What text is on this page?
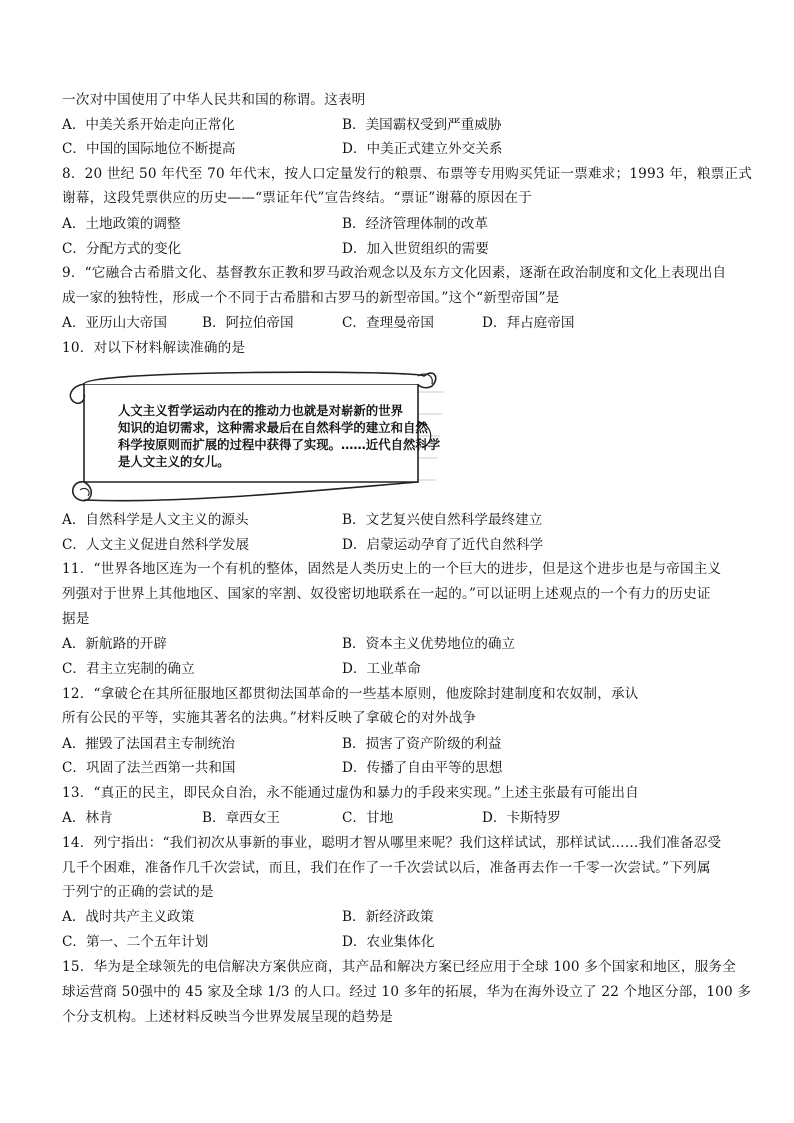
一次对中国使用了中华人民共和国的称谓。这表明
A．中美关系开始走向正常化	B．美国霸权受到严重威胁
C．中国的国际地位不断提高	D．中美正式建立外交关系
8．20 世纪 50 年代至 70 年代末，按人口定量发行的粮票、布票等专用购买凭证一票难求；1993 年，粮票正式
谢幕，这段凭票供应的历史——“票证年代”宣告终结。“票证”谢幕的原因在于
A．土地政策的调整	B．经济管理体制的改革
C．分配方式的变化	D．加入世贸组织的需要
9．“它融合古希腊文化、基督教东正教和罗马政治观念以及东方文化因素，逐渐在政治制度和文化上表现出自
成一家的独特性，形成一个不同于古希腊和古罗马的新型帝国。”这个“新型帝国”是
A．亚历山大帝国	B．阿拉伯帝国	C．查理曼帝国	D．拜占庭帝国
10．对以下材料解读准确的是
人文主义哲学运动内在的推动力也就是对崭新的世界
知识的迫切需求，这种需求最后在自然科学的建立和自然
科学按原则而扩展的过程中获得了实现。……近代自然科学
是人文主义的女儿。
A．自然科学是人文主义的源头	B．文艺复兴使自然科学最终建立
C．人文主义促进自然科学发展	D．启蒙运动孕育了近代自然科学
11．“世界各地区连为一个有机的整体，固然是人类历史上的一个巨大的进步，但是这个进步也是与帝国主义
列强对于世界上其他地区、国家的宰割、奴役密切地联系在一起的。”可以证明上述观点的一个有力的历史证
据是
A．新航路的开辟	B．资本主义优势地位的确立
C．君主立宪制的确立	D．工业革命
12．“拿破仑在其所征服地区都贯彻法国革命的一些基本原则，他废除封建制度和农奴制，承认
所有公民的平等，实施其著名的法典。”材料反映了拿破仑的对外战争
A．摧毁了法国君主专制统治	B．损害了资产阶级的利益
C．巩固了法兰西第一共和国	D．传播了自由平等的思想
13．“真正的民主，即民众自治，永不能通过虚伪和暴力的手段来实现。”上述主张最有可能出自
A．林肯	B．章西女王	C．甘地	D．卡斯特罗
14．列宁指出：“我们初次从事新的事业，聪明才智从哪里来呢？我们这样试试，那样试试……我们准备忍受
几千个困难，准备作几千次尝试，而且，我们在作了一千次尝试以后，准备再去作一千零一次尝试。”下列属
于列宁的正确的尝试的是
A．战时共产主义政策	B．新经济政策
C．第一、二个五年计划	D．农业集体化
15．华为是全球领先的电信解决方案供应商，其产品和解决方案已经应用于全球 100 多个国家和地区，服务全
球运营商 50强中的 45 家及全球 1/3 的人口。经过 10 多年的拓展，华为在海外设立了 22 个地区分部，100 多
个分支机构。上述材料反映当今世界发展呈现的趋势是
